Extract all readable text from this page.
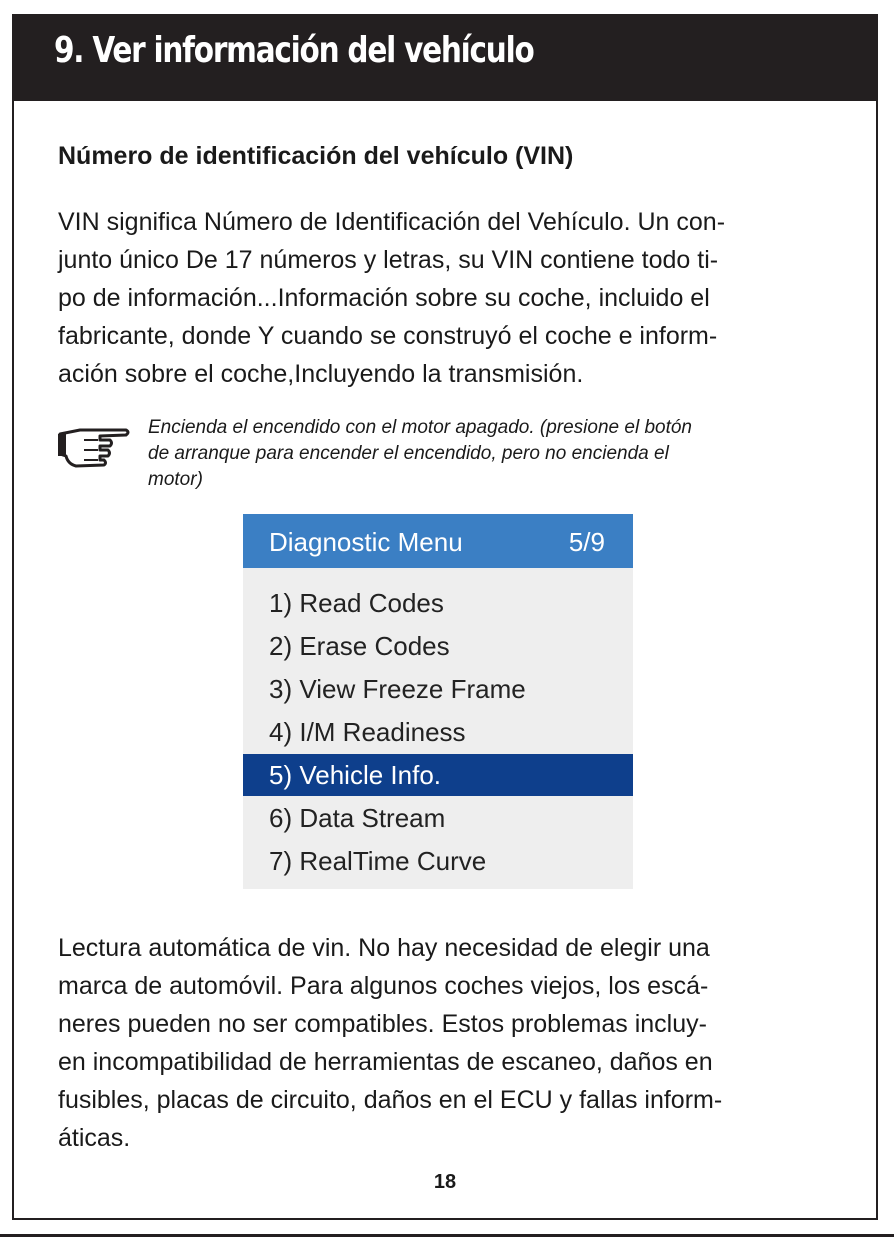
9. Ver información del vehículo
Número de identificación del vehículo (VIN)

VIN significa Número de Identificación del Vehículo. Un con-
junto único De 17 números y letras, su VIN contiene todo ti-
po de información...Información sobre su coche, incluido el
fabricante, donde Y cuando se construyó el coche e inform-
ación sobre el coche,Incluyendo la transmisión.

Encienda el encendido con el motor apagado. (presione el botón
de arranque para encender el encendido, pero no encienda el
motor)
Diagnostic Menu	5/9
1) Read Codes
2) Erase Codes
3) View Freeze Frame
4) I/M Readiness
5) Vehicle Info.
6) Data Stream
7) RealTime Curve

Lectura automática de vin. No hay necesidad de elegir una
marca de automóvil. Para algunos coches viejos, los escá-
neres pueden no ser compatibles. Estos problemas incluy-
en incompatibilidad de herramientas de escaneo, daños en
fusibles, placas de circuito, daños en el ECU y fallas inform-
áticas.

18
